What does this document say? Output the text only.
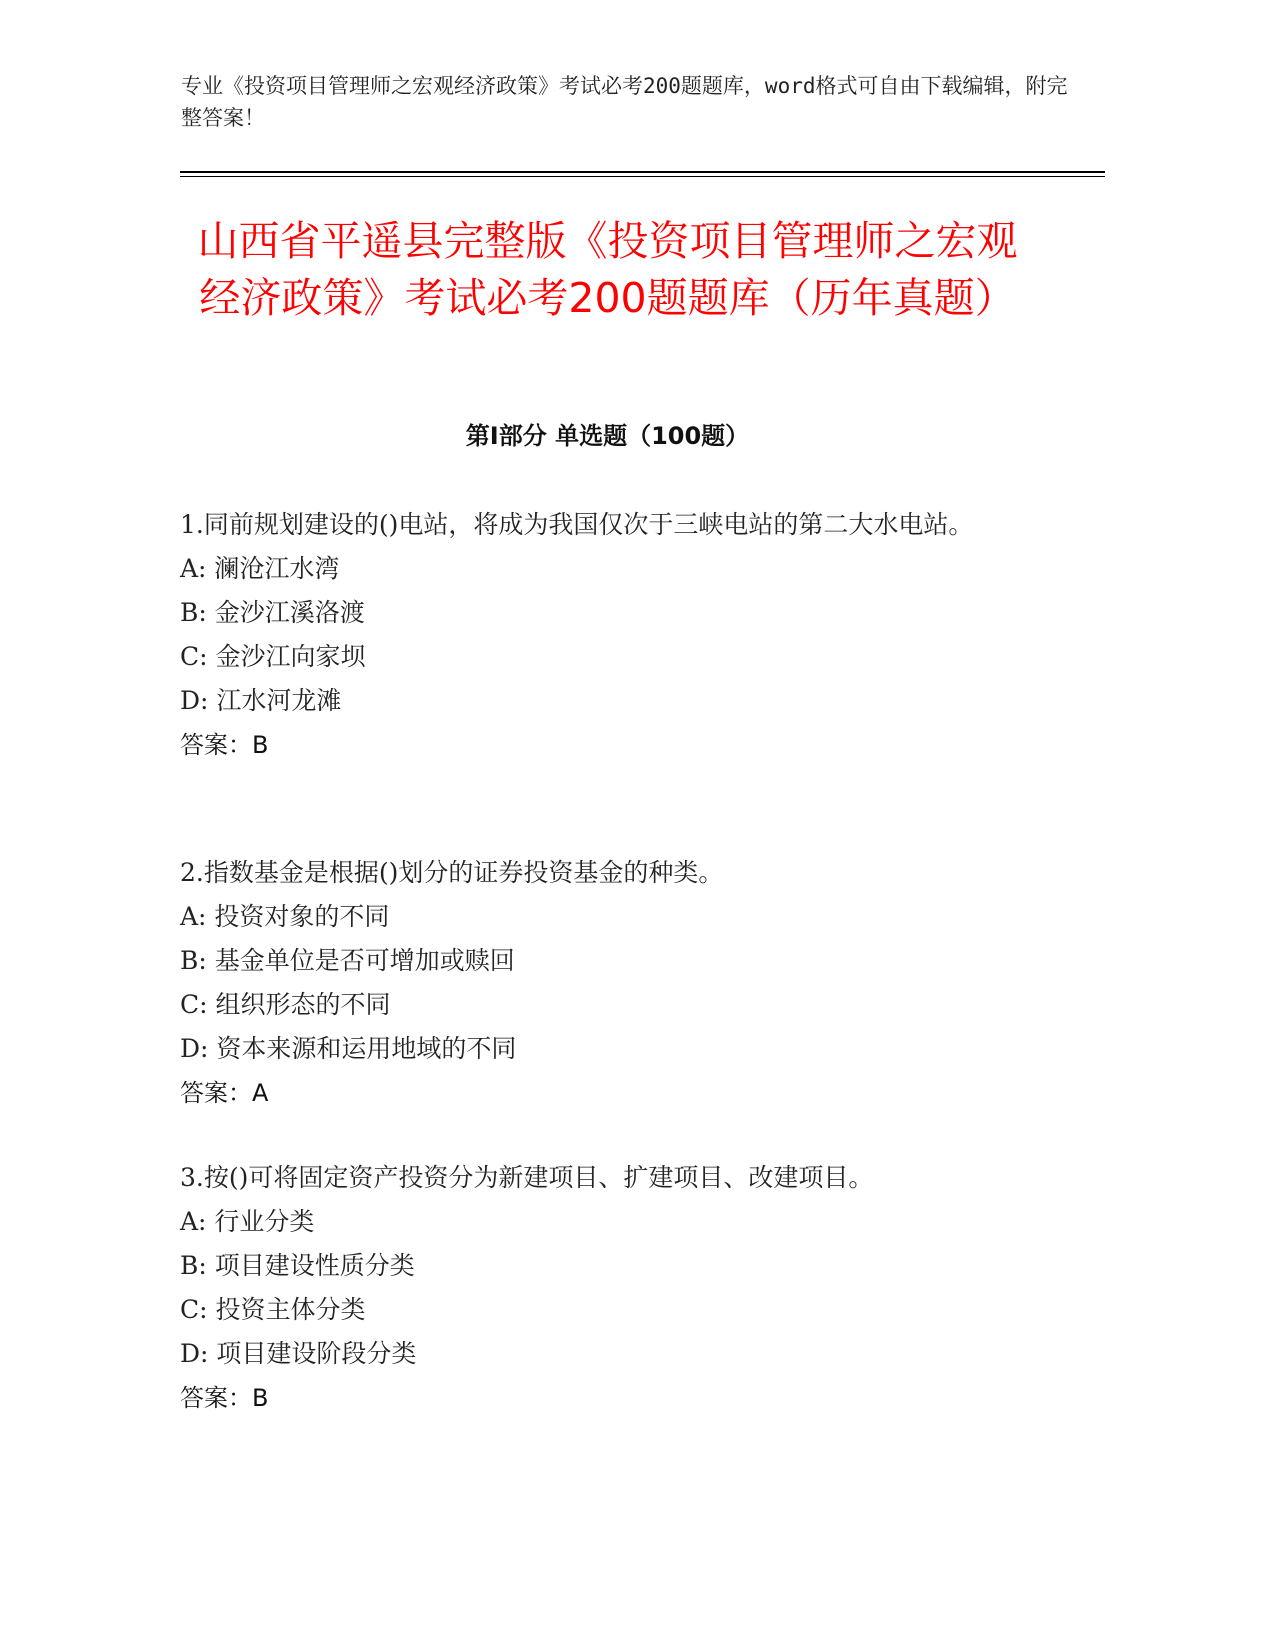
专业《投资项目管理师之宏观经济政策》考试必考200题题库，word格式可自由下载编辑，附完整答案！
山西省平遥县完整版《投资项目管理师之宏观经济政策》考试必考200题题库（历年真题）
第Ⅰ部分 单选题（100题）
1.同前规划建设的()电站，将成为我国仅次于三峡电站的第二大水电站。
A: 澜沧江水湾
B: 金沙江溪洛渡
C: 金沙江向家坝
D: 江水河龙滩
答案：B
2.指数基金是根据()划分的证券投资基金的种类。
A: 投资对象的不同
B: 基金单位是否可增加或赎回
C: 组织形态的不同
D: 资本来源和运用地域的不同
答案：A
3.按()可将固定资产投资分为新建项目、扩建项目、改建项目。
A: 行业分类
B: 项目建设性质分类
C: 投资主体分类
D: 项目建设阶段分类
答案：B
